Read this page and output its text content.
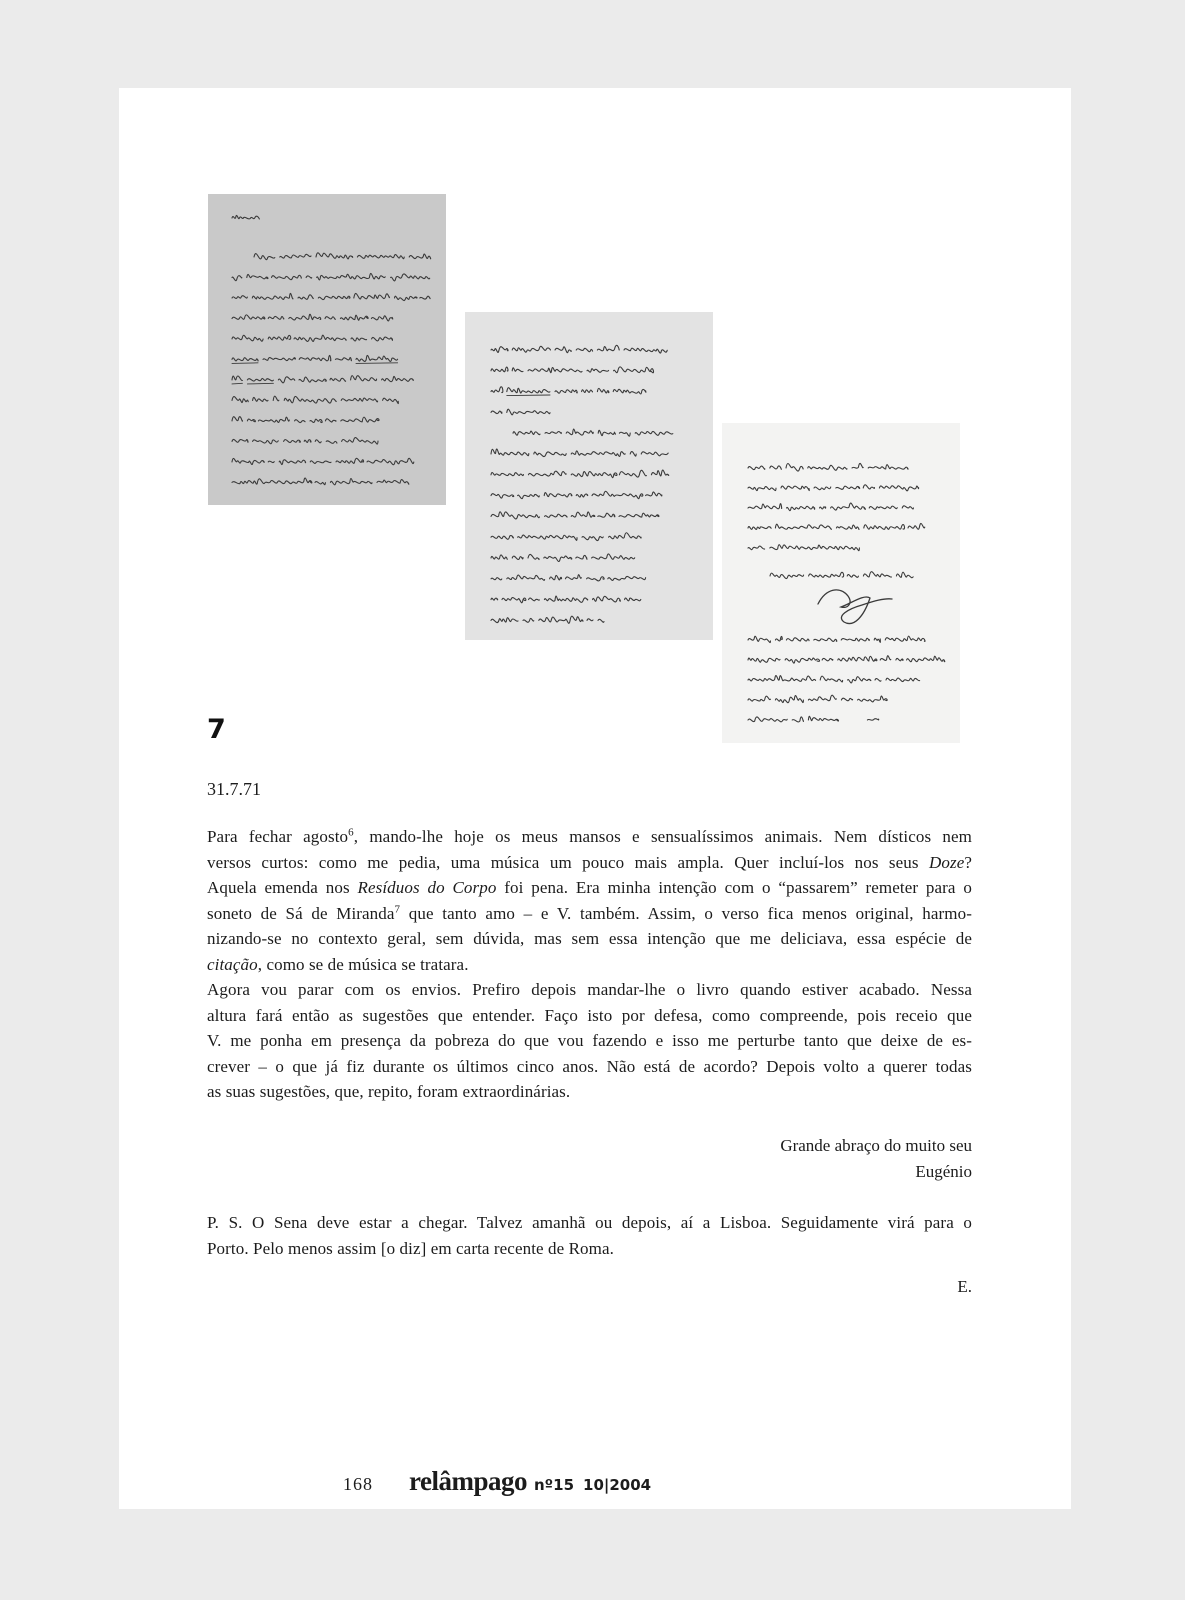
7
31.7.71
Para fechar agosto$^6$, mando-lhe hoje os meus mansos e sensualíssimos animais. Nem dísticos nem
versos curtos: como me pedia, uma música um pouco mais ampla. Quer incluí-los nos seus Doze?
Aquela emenda nos Resíduos do Corpo foi pena. Era minha intenção com o “passarem” remeter para o
soneto de Sá de Miranda$^7$ que tanto amo – e V. também. Assim, o verso fica menos original, harmo-
nizando-se no contexto geral, sem dúvida, mas sem essa intenção que me deliciava, essa espécie de
citação, como se de música se tratara.
Agora vou parar com os envios. Prefiro depois mandar-lhe o livro quando estiver acabado. Nessa
altura fará então as sugestões que entender. Faço isto por defesa, como compreende, pois receio que
V. me ponha em presença da pobreza do que vou fazendo e isso me perturbe tanto que deixe de es-
crever – o que já fiz durante os últimos cinco anos. Não está de acordo? Depois volto a querer todas
as suas sugestões, que, repito, foram extraordinárias.
Grande abraço do muito seu
Eugénio
P. S. O Sena deve estar a chegar. Talvez amanhã ou depois, aí a Lisboa. Seguidamente virá para o
Porto. Pelo menos assim [o diz] em carta recente de Roma.
E.
168 relâmpago nº15 10|2004
